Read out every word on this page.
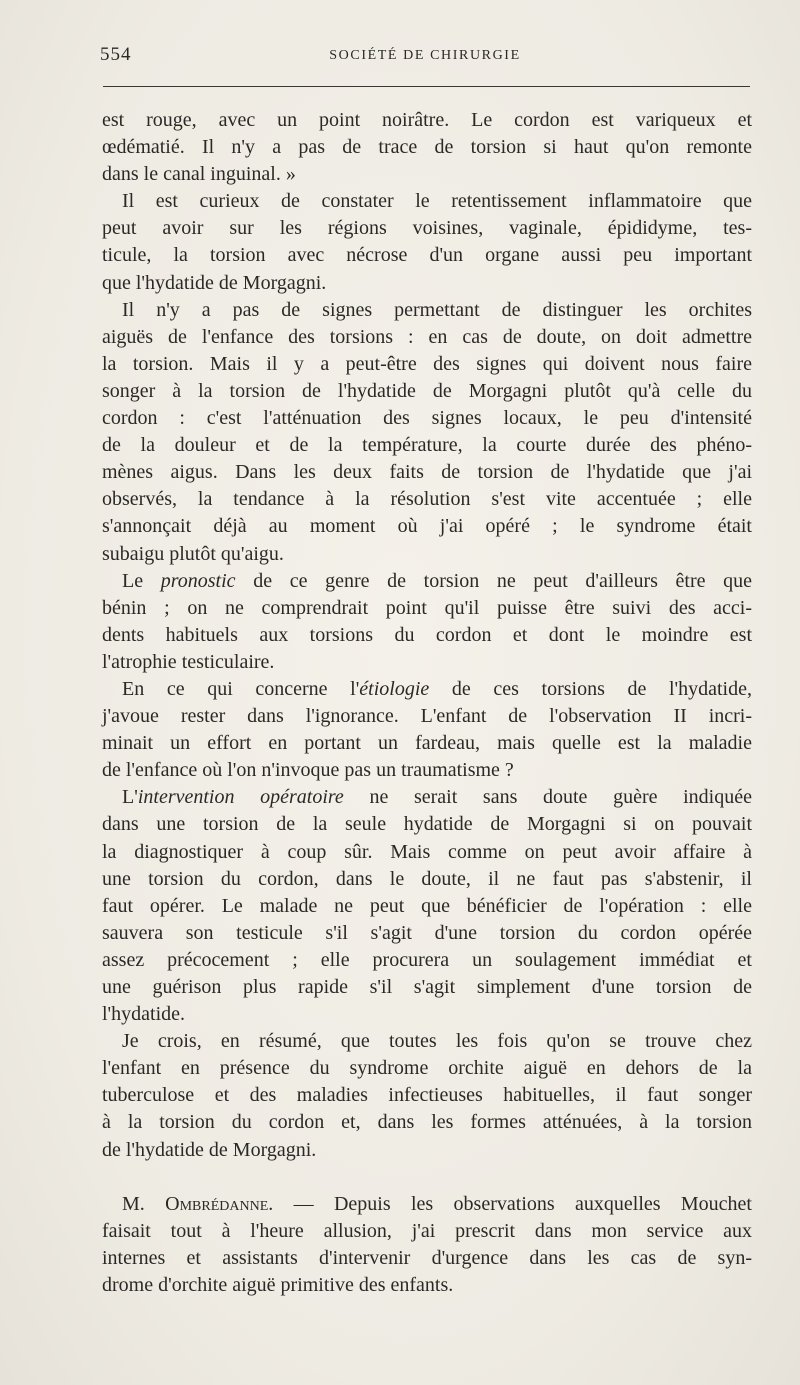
554	SOCIÉTÉ DE CHIRURGIE
est rouge, avec un point noirâtre. Le cordon est variqueux et
œdématié. Il n'y a pas de trace de torsion si haut qu'on remonte
dans le canal inguinal. »
Il est curieux de constater le retentissement inflammatoire que
peut avoir sur les régions voisines, vaginale, épididyme, tes-
ticule, la torsion avec nécrose d'un organe aussi peu important
que l'hydatide de Morgagni.
Il n'y a pas de signes permettant de distinguer les orchites
aiguës de l'enfance des torsions : en cas de doute, on doit admettre
la torsion. Mais il y a peut-être des signes qui doivent nous faire
songer à la torsion de l'hydatide de Morgagni plutôt qu'à celle du
cordon : c'est l'atténuation des signes locaux, le peu d'intensité
de la douleur et de la température, la courte durée des phéno-
mènes aigus. Dans les deux faits de torsion de l'hydatide que j'ai
observés, la tendance à la résolution s'est vite accentuée ; elle
s'annonçait déjà au moment où j'ai opéré ; le syndrome était
subaigu plutôt qu'aigu.
Le pronostic de ce genre de torsion ne peut d'ailleurs être que
bénin ; on ne comprendrait point qu'il puisse être suivi des acci-
dents habituels aux torsions du cordon et dont le moindre est
l'atrophie testiculaire.
En ce qui concerne l'étiologie de ces torsions de l'hydatide,
j'avoue rester dans l'ignorance. L'enfant de l'observation II incri-
minait un effort en portant un fardeau, mais quelle est la maladie
de l'enfance où l'on n'invoque pas un traumatisme ?
L'intervention opératoire ne serait sans doute guère indiquée
dans une torsion de la seule hydatide de Morgagni si on pouvait
la diagnostiquer à coup sûr. Mais comme on peut avoir affaire à
une torsion du cordon, dans le doute, il ne faut pas s'abstenir, il
faut opérer. Le malade ne peut que bénéficier de l'opération : elle
sauvera son testicule s'il s'agit d'une torsion du cordon opérée
assez précocement ; elle procurera un soulagement immédiat et
une guérison plus rapide s'il s'agit simplement d'une torsion de
l'hydatide.
Je crois, en résumé, que toutes les fois qu'on se trouve chez
l'enfant en présence du syndrome orchite aiguë en dehors de la
tuberculose et des maladies infectieuses habituelles, il faut songer
à la torsion du cordon et, dans les formes atténuées, à la torsion
de l'hydatide de Morgagni.
M. Ombrédanne. — Depuis les observations auxquelles Mouchet
faisait tout à l'heure allusion, j'ai prescrit dans mon service aux
internes et assistants d'intervenir d'urgence dans les cas de syn-
drome d'orchite aiguë primitive des enfants.
